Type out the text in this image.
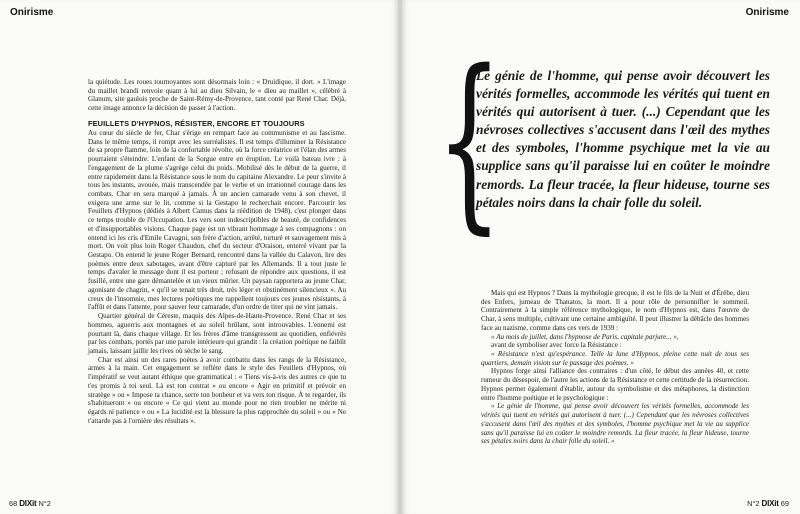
Onirisme

la quiétude. Les roues tournoyantes sont désormais loin : « Druidique, il dort. » L'image du maillet brandi renvoie quant à lui au dieu Silvain, le « dieu au maillet », célébré à Glanum, site gaulois proche de Saint-Rémy-de-Provence, tant conté par René Char. Déjà, cette image annonce la décision de passer à l'action.

FEUILLETS D'HYPNOS, RÉSISTER, ENCORE ET TOUJOURS

Au cœur du siècle de fer, Char s'érige en rempart face au communisme et au fascisme. Dans le même temps, il rompt avec les surréalistes. Il est temps d'illuminer la Résistance de sa propre flamme, loin de la confortable révolte, où la force créatrice et l'élan des armes pourraient s'éteindre. L'enfant de la Sorgue entre en éruption. Le voilà bateau ivre : à l'engagement de la plume s'agrège celui du poids. Mobilisé dès le début de la guerre, il entre rapidement dans la Résistance sous le nom du capitaine Alexandre. Le peur s'invite à tous les instants, avouée, mais transcendée par le verbe et un irrationnel courage dans les combats. Char en sera marqué à jamais. À un ancien camarade venu à son chevet, il exigera une arme sur le lit, comme si la Gestapo le recherchait encore. Parcourir les Feuillets d'Hypnos (dédiés à Albert Camus dans la réédition de 1948), c'est plonger dans ce temps trouble de l'Occupation. Les vers sont indescriptibles de beauté, de confidences et d'insupportables visions. Chaque page est un vibrant hommage à ses compagnons : on entend ici les cris d'Emile Cavagni, son frère d'action, arrêté, torturé et sauvagement mis à mort. On voit plus loin Roger Chaudon, chef du secteur d'Oraison, enterré vivant par la Gestapo. On entend le jeune Roger Bernard, rencontré dans la vallée du Calavon, lire des poèmes entre deux sabotages, avant d'être capturé par les Allemands. Il a tout juste le temps d'avaler le message dont il est porteur ; refusant de répondre aux questions, il est fusillé, entre une gare démantelée et un vieux mûrier. Un paysan rapportera au jeune Char, agonisant de chagrin, « qu'il se tenait très droit, très léger et obstinément silencieux ». Au creux de l'insomnie, mes lectures poétiques me rappellent toujours ces jeunes résistants, à l'affût et dans l'attente, pour sauver leur camarade, d'un ordre de tirer qui ne vint jamais.

Quartier général de Céreste, maquis des Alpes-de-Haute-Provence. René Char et ses hommes, aguerris aux montagnes et au soleil brûlant, sont introuvables. L'ennemi est pourtant là, dans chaque village. Et les frères d'âme transgressent au quotidien, enfiévrés par les combats, portés par une parole intérieure qui grandit : la création poétique ne faiblit jamais, laissant jaillir les rives où sèche le sang.

Char est ainsi un des rares poètes à avoir combattu dans les rangs de la Résistance, armes à la main. Cet engagement se reflète dans le style des Feuillets d'Hypnos, où l'impératif se veut autant éthique que grammatical : « Tiens vis-à-vis des autres ce que tu t'es promis à toi seul. Là est ton contrat » ou encore « Agir en primitif et prévoir en stratège » ou « Impose ta chance, serre ton bonheur et va vers ton risque. À te regarder, ils s'habitueront » ou encore « Ce qui vient au monde pour ne rien troubler ne mérite ni égards ni patience » ou « La lucidité est la blessure la plus rapprochée du soleil » ou « Ne t'attarde pas à l'ornière des résultats ».

68 DIXit N°2
Onirisme
N°2 DIXit 69
{
Le génie de l'homme, qui pense avoir découvert les vérités formelles, accommode les vérités qui tuent en vérités qui autorisent à tuer. (...) Cependant que les névroses collectives s'accusent dans l'œil des mythes et des symboles, l'homme psychique met la vie au supplice sans qu'il paraisse lui en coûter le moindre remords. La fleur tracée, la fleur hideuse, tourne ses pétales noirs dans la chair folle du soleil.

Mais qui est Hypnos ? Dans la mythologie grecque, il est le fils de la Nuit et d'Érèbe, dieu des Enfers, jumeau de Thanatos, la mort. Il a pour rôle de personnifier le sommeil. Contrairement à la simple référence mythologique, le nom d'Hypnos est, dans l'œuvre de Char, à sens multiple, cultivant une certaine ambiguïté. Il peut illustrer la débâcle des hommes face au nazisme, comme dans ces vers de 1939 :

« Au mois de juillet, dans l'hypnose de Paris, capitale parjure... »,

avant de symboliser avec force la Résistance :

« Résistance n'est qu'espérance. Telle la lune d'Hypnos, pleine cette nuit de tous ses quartiers, demain vision sur le passage des poèmes. »

Hypnos forge ainsi l'alliance des contraires : d'un côté, le début des années 40, et cette rumeur du désespoir, de l'autre les actions de la Résistance et cette certitude de la résurrection. Hypnos permet également d'établir, autour du symbolisme et des métaphores, la distinction entre l'homme poétique et le psychologique :

« Le génie de l'homme, qui pense avoir découvert les vérités formelles, accommode les vérités qui tuent en vérités qui autorisent à tuer. (...) Cependant que les névroses collectives s'accusent dans l'œil des mythes et des symboles, l'homme psychique met la vie au supplice sans qu'il paraisse lui en coûter le moindre remords. La fleur tracée, la fleur hideuse, tourne ses pétales noirs dans la chair folle du soleil. »
